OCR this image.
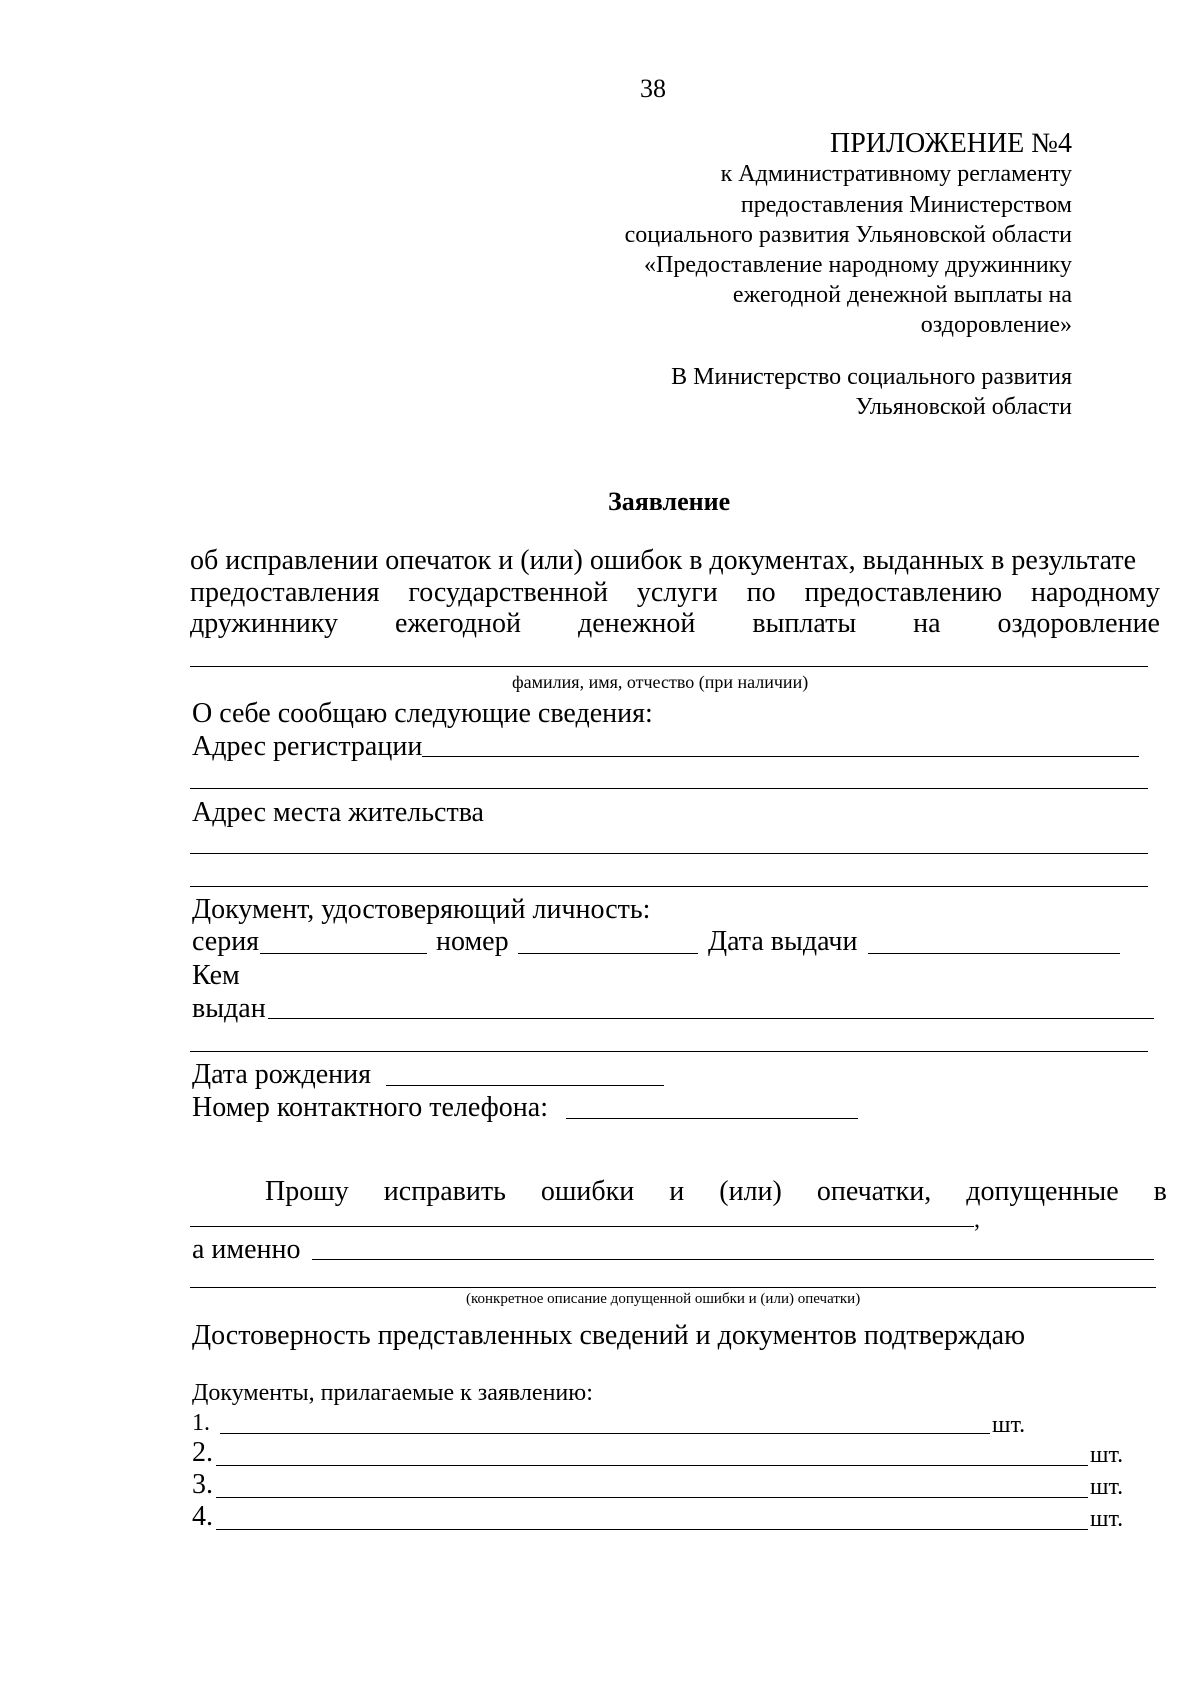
38
ПРИЛОЖЕНИЕ №4
к Административному регламенту
предоставления Министерством
социального развития Ульяновской области
«Предоставление народному дружиннику
ежегодной денежной выплаты на
оздоровление»
В Министерство социального развития
Ульяновской области
Заявление
об исправлении опечаток и (или) ошибок в документах, выданных в результате
предоставления государственной услуги по предоставлению народному
дружиннику ежегодной денежной выплаты на оздоровление
фамилия, имя, отчество (при наличии)
О себе сообщаю следующие сведения:
Адрес регистрации
Адрес места жительства
Документ, удостоверяющий личность:
серия	номер	Дата выдачи
Кем
выдан
Дата рождения
Номер контактного телефона:
Прошу исправить ошибки и (или) опечатки, допущенные в
,
а именно
(конкретное описание допущенной ошибки и (или) опечатки)
Достоверность представленных сведений и документов подтверждаю
Документы, прилагаемые к заявлению:
1.	шт.
2.	шт.
3.	шт.
4.	шт.
